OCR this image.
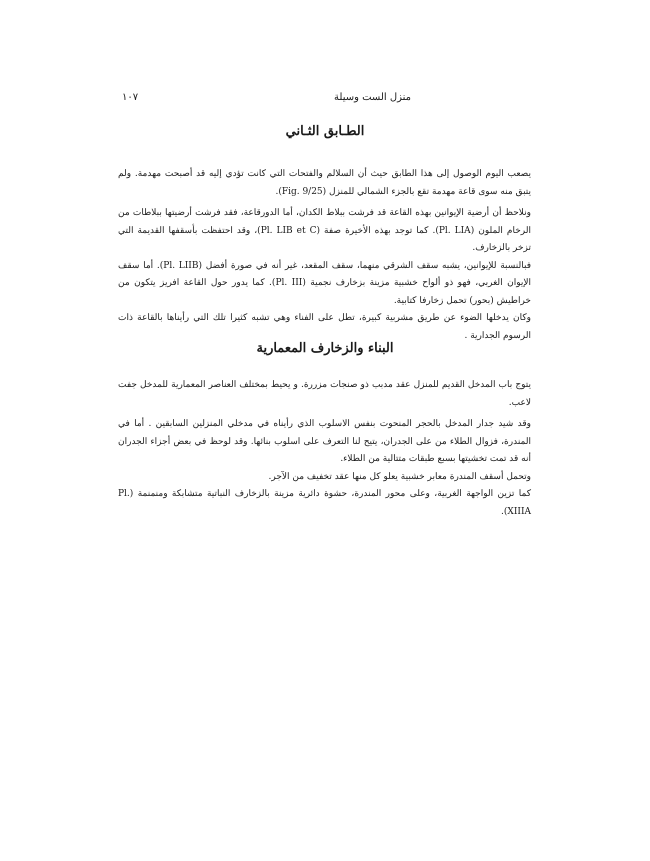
منزل الست وسيلة
١٠٧
الطـابق الثـاني

يصعب اليوم الوصول إلى هذا الطابق حيث أن السلالم والفتحات التي كانت تؤدي إليه قد أصبحت مهدمة. ولم يتبق منه سوى قاعة مهدمة تقع بالجزء الشمالي للمنزل (Fig. 9/25).

ونلاحظ أن أرضية الإيوانين بهذه القاعة قد فرشت ببلاط الكدان، أما الدورقاعة، فقد فرشت أرضيتها ببلاطات من الرخام الملون (Pl. LIA). كما توجد بهذه الأخيرة صفة (Pl. LIB et C)، وقد احتفظت بأسقفها القديمة التي تزخر بالزخارف.

فبالنسبة للإيوانين، يشبه سقف الشرقي منهما، سقف المقعد، غير أنه في صورة أفضل (Pl. LIIB). أما سقف الإيوان الغربي، فهو ذو ألواح خشبية مزينة بزخارف نجمية (Pl. III). كما يدور حول القاعة افريز يتكون من خراطيش (بحور) تحمل زخارفا كتابية.

وكان يدخلها الضوء عن طريق مشربية كبيرة، تطل على الفناء وهي تشبه كثيرا تلك التي رأيناها بالقاعة ذات الرسوم الجدارية .

البناء والزخارف المعمارية

يتوج باب المدخل القديم للمنزل عقد مدبب ذو صنجات مزررة. و يحيط بمختلف العناصر المعمارية للمدخل جفت لاعب.

وقد شيد جدار المدخل بالحجر المنحوت بنفس الاسلوب الذي رأيناه في مدخلي المنزلين السابقين . أما في المندرة، فزوال الطلاء من على الجدران، يتيح لنا التعرف على اسلوب بنائها. وقد لوحظ في بعض أجزاء الجدران أنه قد تمت تخشيتها بسبع طبقات متتالية من الطلاء.

وتحمل أسقف المندرة معابر خشبية يعلو كل منها عقد تخفيف من الآجر.

كما تزين الواجهة الغربية، وعلى محور المندرة، حشوة دائرية مزينة بالزخارف النباتية متشابكة ومنمنمة (Pl. XIIIA).
